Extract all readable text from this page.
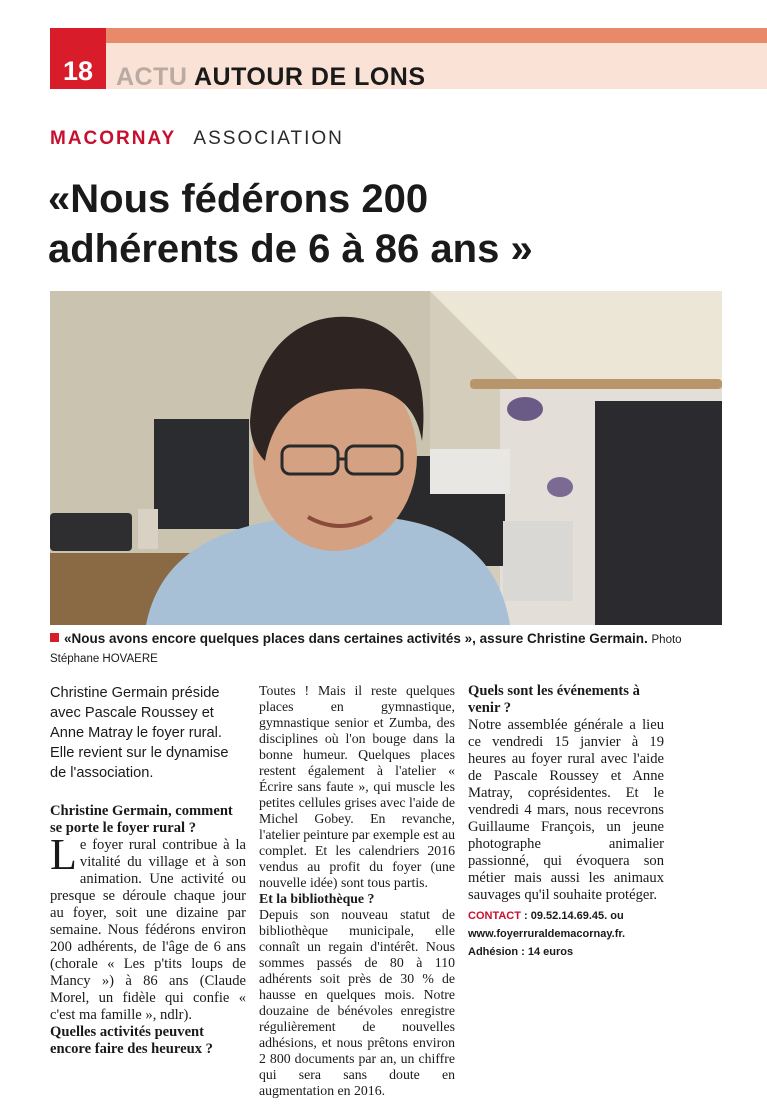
18 ACTU AUTOUR DE LONS
MACORNAY ASSOCIATION
«Nous fédérons 200
adhérents de 6 à 86 ans »
«Nous avons encore quelques places dans certaines activités », assure Christine Germain. Photo Stéphane HOVAERE

Christine Germain préside avec Pascale Roussey et Anne Matray le foyer rural. Elle revient sur le dynamise de l'association.

Christine Germain, comment se porte le foyer rural ?

Le foyer rural contribue à la vitalité du village et à son animation. Une activité ou presque se déroule chaque jour au foyer, soit une dizaine par semaine. Nous fédérons environ 200 adhérents, de l'âge de 6 ans (chorale « Les p'tits loups de Mancy ») à 86 ans (Claude Morel, un fidèle qui confie « c'est ma famille », ndlr).

Quelles activités peuvent encore faire des heureux ?

Toutes ! Mais il reste quelques places en gymnastique, gymnastique senior et Zumba, des disciplines où l'on bouge dans la bonne humeur. Quelques places restent également à l'atelier « Écrire sans faute », qui muscle les petites cellules grises avec l'aide de Michel Gobey. En revanche, l'atelier peinture par exemple est au complet. Et les calendriers 2016 vendus au profit du foyer (une nouvelle idée) sont tous partis.

Et la bibliothèque ?

Depuis son nouveau statut de bibliothèque municipale, elle connaît un regain d'intérêt. Nous sommes passés de 80 à 110 adhérents soit près de 30 % de hausse en quelques mois. Notre douzaine de bénévoles enregistre régulièrement de nouvelles adhésions, et nous prêtons environ 2 800 documents par an, un chiffre qui sera sans doute en augmentation en 2016.

Quels sont les événements à venir ?

Notre assemblée générale a lieu ce vendredi 15 janvier à 19 heures au foyer rural avec l'aide de Pascale Roussey et Anne Matray, coprésidentes. Et le vendredi 4 mars, nous recevrons Guillaume François, un jeune photographe animalier passionné, qui évoquera son métier mais aussi les animaux sauvages qu'il souhaite protéger.

CONTACT : 09.52.14.69.45. ou
www.foyerruraldemacornay.fr.
Adhésion : 14 euros
